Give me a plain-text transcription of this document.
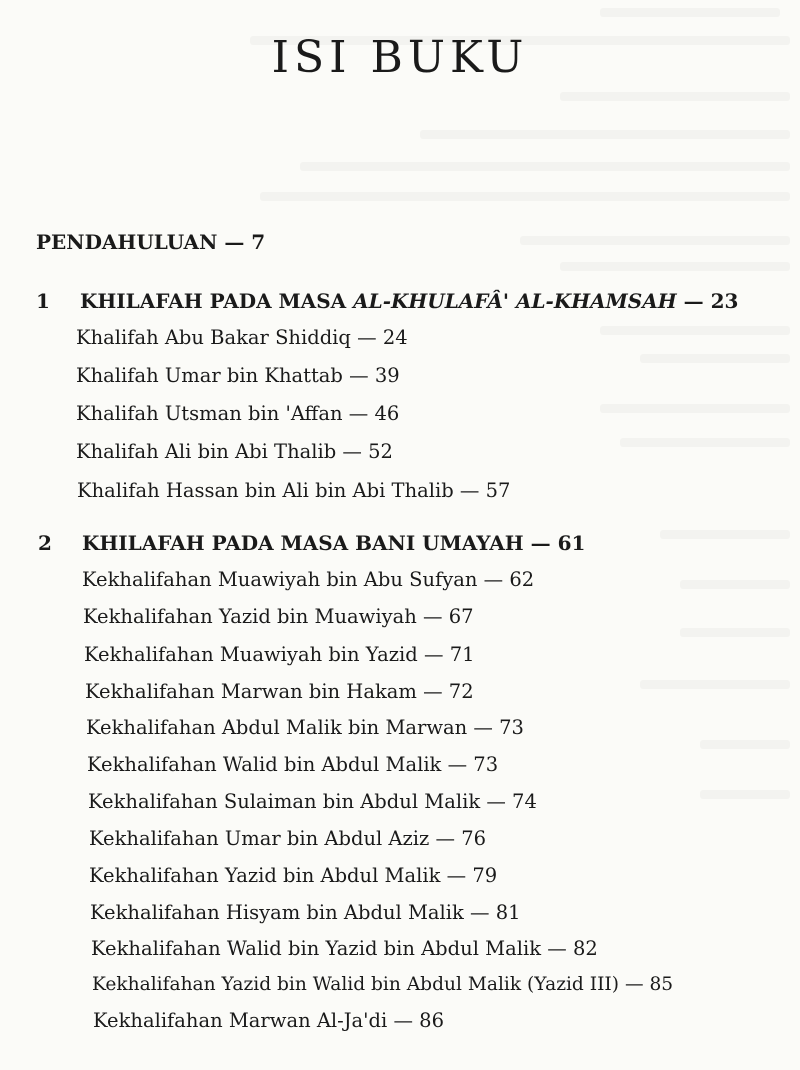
ISI BUKU
PENDAHULUAN — 7
1 KHILAFAH PADA MASA AL-KHULAFÂ' AL-KHAMSAH — 23
Khalifah Abu Bakar Shiddiq — 24
Khalifah Umar bin Khattab — 39
Khalifah Utsman bin 'Affan — 46
Khalifah Ali bin Abi Thalib — 52
Khalifah Hassan bin Ali bin Abi Thalib — 57
2 KHILAFAH PADA MASA BANI UMAYAH — 61
Kekhalifahan Muawiyah bin Abu Sufyan — 62
Kekhalifahan Yazid bin Muawiyah — 67
Kekhalifahan Muawiyah bin Yazid — 71
Kekhalifahan Marwan bin Hakam — 72
Kekhalifahan Abdul Malik bin Marwan — 73
Kekhalifahan Walid bin Abdul Malik — 73
Kekhalifahan Sulaiman bin Abdul Malik — 74
Kekhalifahan Umar bin Abdul Aziz — 76
Kekhalifahan Yazid bin Abdul Malik — 79
Kekhalifahan Hisyam bin Abdul Malik — 81
Kekhalifahan Walid bin Yazid bin Abdul Malik — 82
Kekhalifahan Yazid bin Walid bin Abdul Malik (Yazid III) — 85
Kekhalifahan Marwan Al-Ja'di — 86
